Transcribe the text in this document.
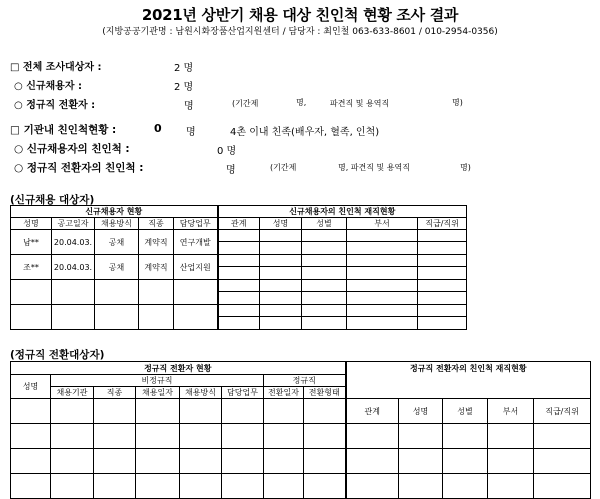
2021년 상반기 채용 대상 친인척 현황 조사 결과
(지방공공기관명 : 남원시화장품산업지원센터 / 담당자 : 최인철 063-633-8601 / 010-2954-0356)
□ 전체 조사대상자 :	2 명
○ 신규채용자 :	2 명
○ 정규직 전환자 :	명	(기간제	명,	파견직 및 용역직	명)
□ 기관내 친인척현황 :	0 명	4촌 이내 친족(배우자, 혈족, 인척)
○ 신규채용자의 친인척 :	0 명
○ 정규직 전환자의 친인척 :	명	(기간제	명, 파견직 및 용역직	명)
(신규채용 대상자)
신규채용자 현황					신규채용자의 친인척 재직현황				
성명	공고일자	채용방식	직종	담당업무	관계	성명	성별	부서	직급/직위
남**	20.04.03.	공채	계약직	연구개발					

조**	20.04.03.	공채	계약직	산업지원					

(정규직 전환대상자)
정규직 전환자 현황								정규직 전환자의 친인척 재직현황				
성명	비정규직					정규직						
	채용기관	직종	채용일자	채용방식	담당업무	전환일자	전환형태					
								관계	성명	성별	부서	직급/직위
